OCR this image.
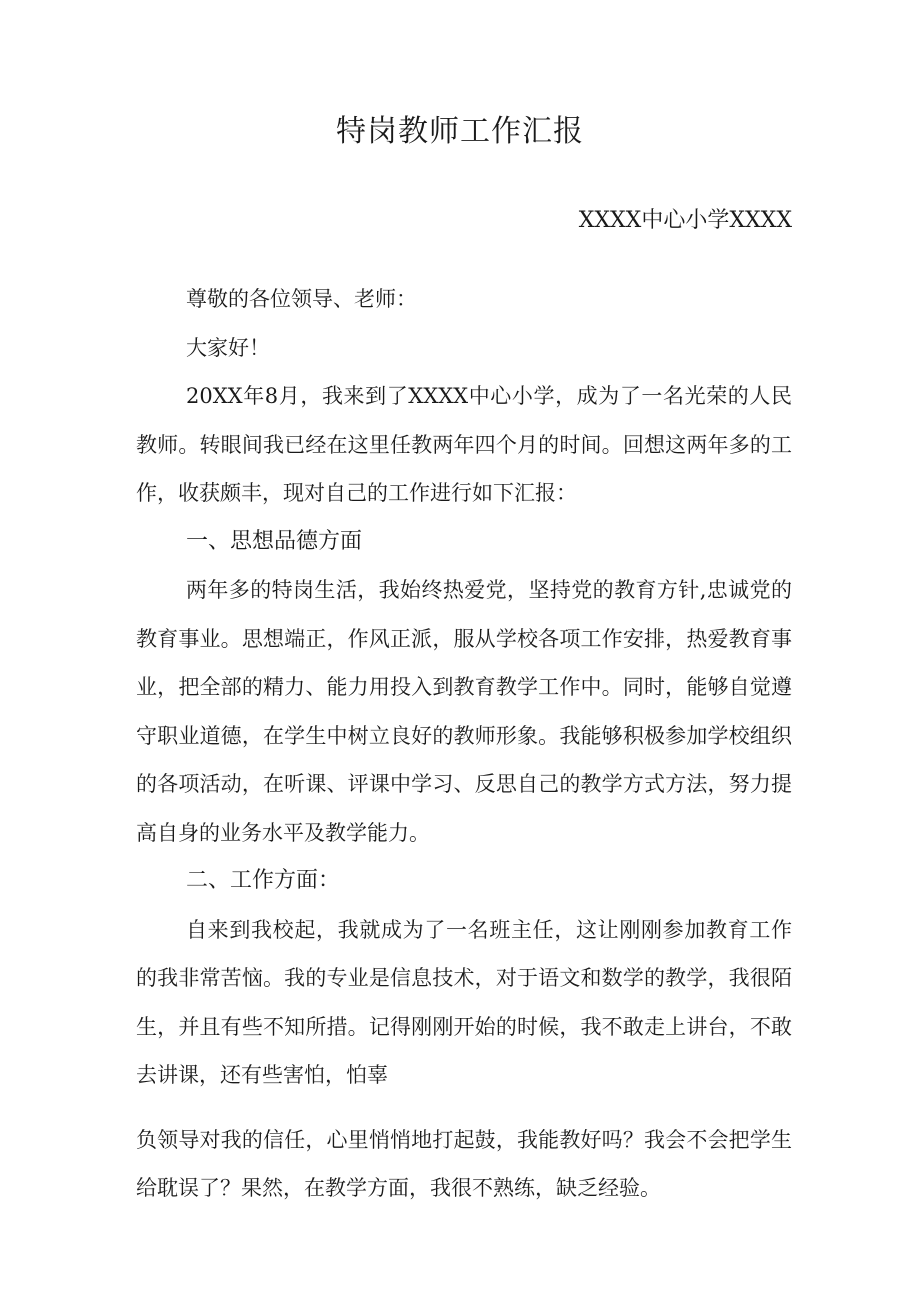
特岗教师工作汇报
XXXX中心小学XXXX

尊敬的各位领导、老师：

大家好！

20XX年8月，我来到了XXXX中心小学，成为了一名光荣的人民教师。转眼间我已经在这里任教两年四个月的时间。回想这两年多的工作，收获颇丰，现对自己的工作进行如下汇报：

一、思想品德方面

两年多的特岗生活，我始终热爱党，坚持党的教育方针,忠诚党的教育事业。思想端正，作风正派，服从学校各项工作安排，热爱教育事业，把全部的精力、能力用投入到教育教学工作中。同时，能够自觉遵守职业道德，在学生中树立良好的教师形象。我能够积极参加学校组织的各项活动，在听课、评课中学习、反思自己的教学方式方法，努力提高自身的业务水平及教学能力。

二、工作方面：

自来到我校起，我就成为了一名班主任，这让刚刚参加教育工作的我非常苦恼。我的专业是信息技术，对于语文和数学的教学，我很陌生，并且有些不知所措。记得刚刚开始的时候，我不敢走上讲台，不敢去讲课，还有些害怕，怕辜

负领导对我的信任，心里悄悄地打起鼓，我能教好吗？我会不会把学生给耽误了？果然，在教学方面，我很不熟练，缺乏经验。
